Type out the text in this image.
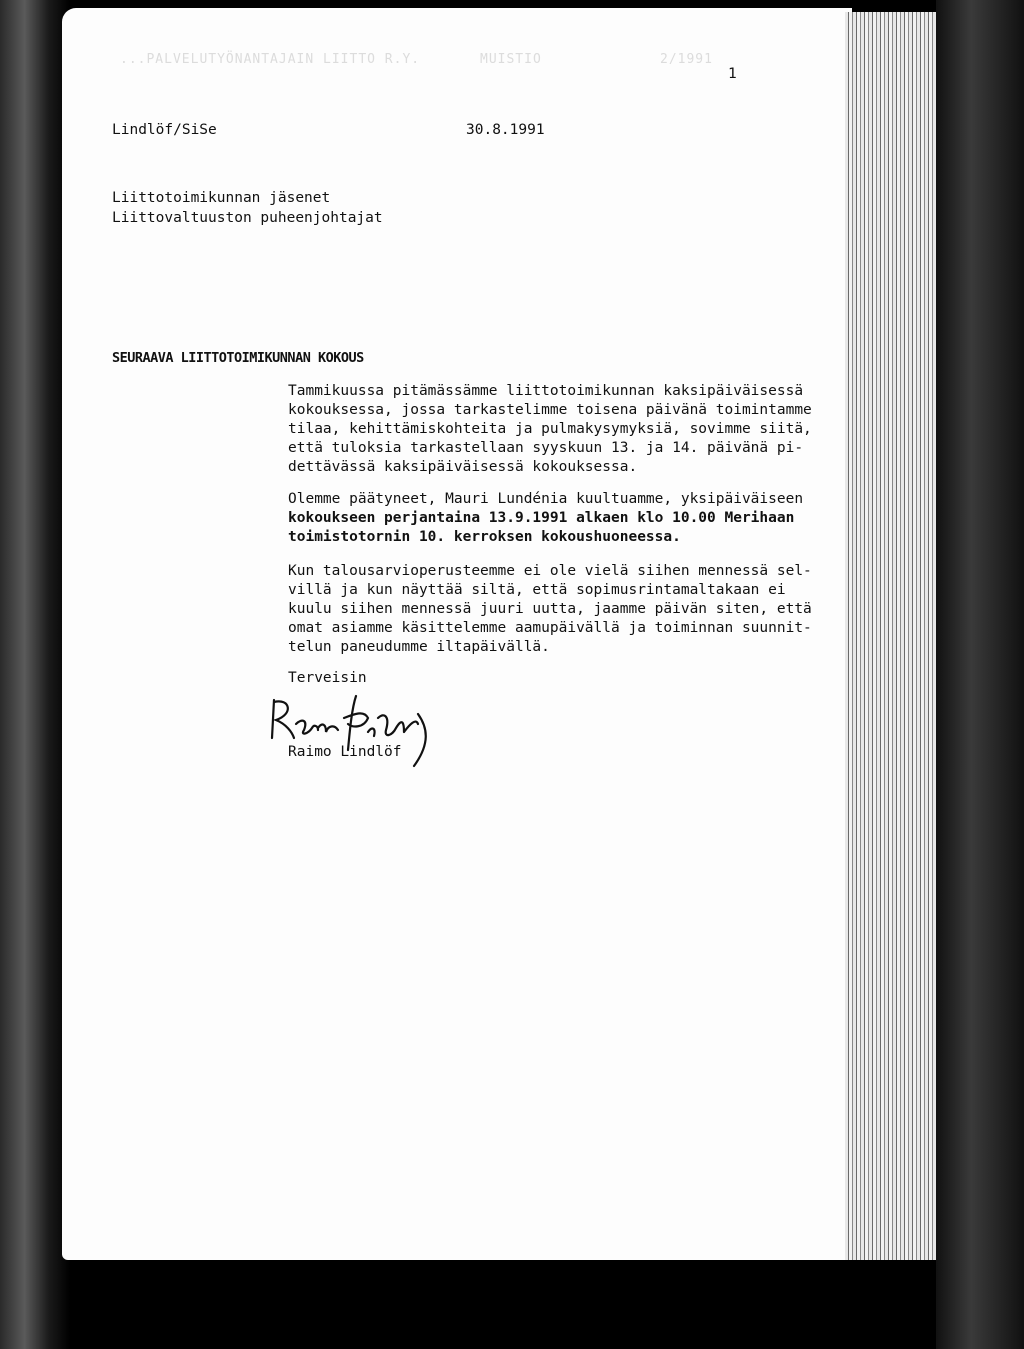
...PALVELUTYÖNANTAJAIN LIITTO R.Y.	MUISTIO	2/1991
1
Lindlöf/SiSe	30.8.1991
Liittotoimikunnan jäsenet
Liittovaltuuston puheenjohtajat
SEURAAVA LIITTOTOIMIKUNNAN KOKOUS
Tammikuussa pitämässämme liittotoimikunnan kaksipäiväisessä
kokouksessa, jossa tarkastelimme toisena päivänä toimintamme
tilaa, kehittämiskohteita ja pulmakysymyksiä, sovimme siitä,
että tuloksia tarkastellaan syyskuun 13. ja 14. päivänä pi-
dettävässä kaksipäiväisessä kokouksessa.
Olemme päätyneet, Mauri Lundénia kuultuamme, yksipäiväiseen
kokoukseen perjantaina 13.9.1991 alkaen klo 10.00 Merihaan
toimistotornin 10. kerroksen kokoushuoneessa.
Kun talousarvioperusteemme ei ole vielä siihen mennessä sel-
villä ja kun näyttää siltä, että sopimusrintamaltakaan ei
kuulu siihen mennessä juuri uutta, jaamme päivän siten, että
omat asiamme käsittelemme aamupäivällä ja toiminnan suunnit-
telun paneudumme iltapäivällä.
Terveisin
Raimo Lindlöf
